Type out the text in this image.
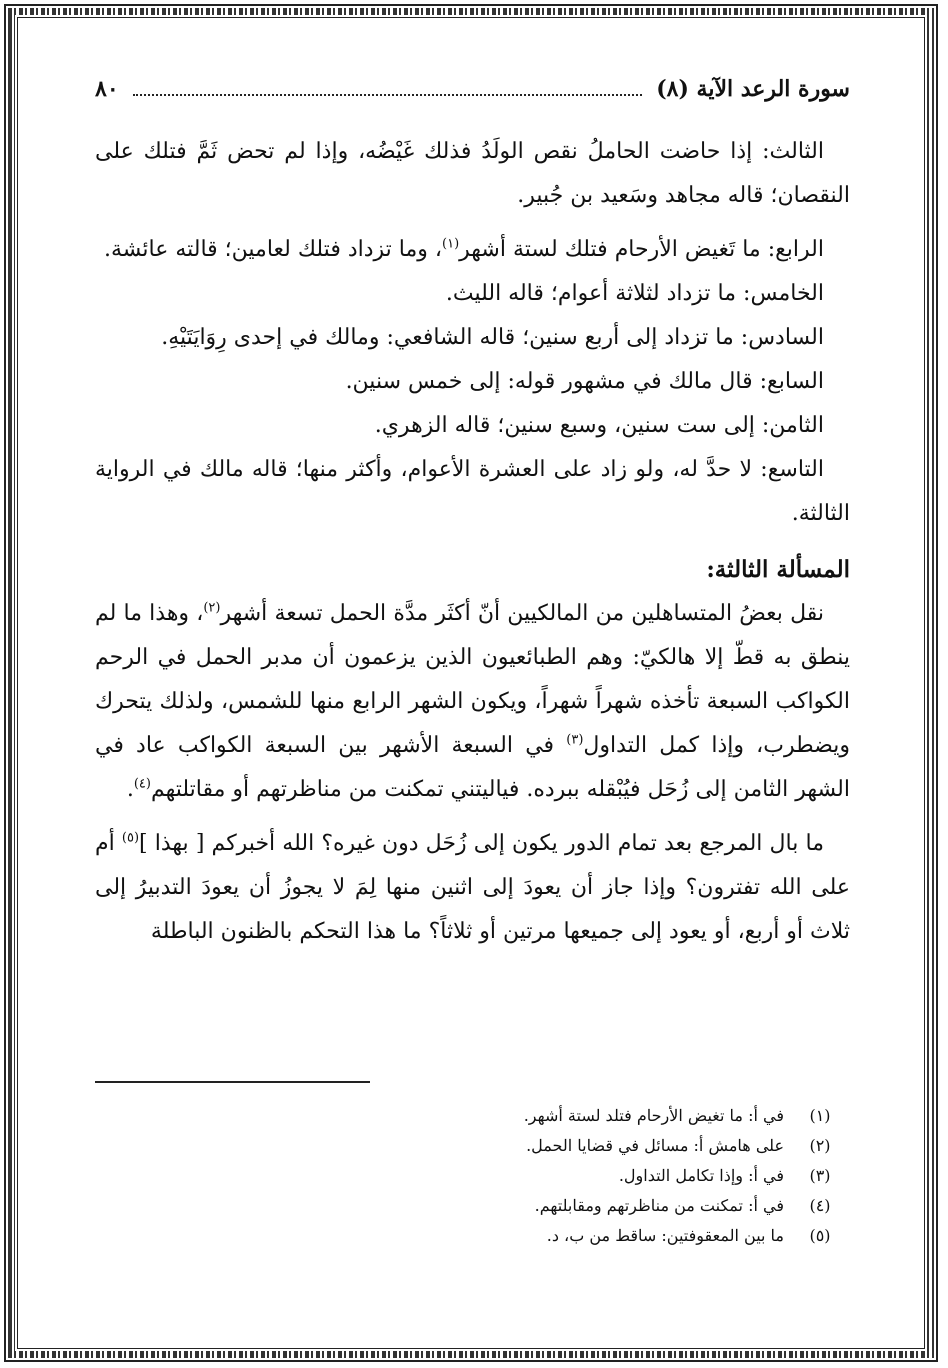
سورة الرعد الآية (٨)
٨٠

الثالث: إذا حاضت الحاملُ نقص الولَدُ فذلك غَيْضُه، وإذا لم تحض ثَمَّ فتلك على النقصان؛ قاله مجاهد وسَعيد بن جُبير.

الرابع: ما تَغيض الأرحام فتلك لستة أشهر$^{(١)}$، وما تزداد فتلك لعامين؛ قالته عائشة.

الخامس: ما تزداد لثلاثة أعوام؛ قاله الليث.

السادس: ما تزداد إلى أربع سنين؛ قاله الشافعي: ومالك في إحدى رِوَايَتَيْهِ.

السابع: قال مالك في مشهور قوله: إلى خمس سنين.

الثامن: إلى ست سنين، وسبع سنين؛ قاله الزهري.

التاسع: لا حدَّ له، ولو زاد على العشرة الأعوام، وأكثر منها؛ قاله مالك في الرواية الثالثة.

المسألة الثالثة:

نقل بعضُ المتساهلين من المالكيين أنّ أكثَر مدَّة الحمل تسعة أشهر$^{(٢)}$، وهذا ما لم ينطق به قطّ إلا هالكيّ: وهم الطبائعيون الذين يزعمون أن مدبر الحمل في الرحم الكواكب السبعة تأخذه شهراً شهراً، ويكون الشهر الرابع منها للشمس، ولذلك يتحرك ويضطرب، وإذا كمل التداول$^{(٣)}$ في السبعة الأشهر بين السبعة الكواكب عاد في الشهر الثامن إلى زُحَل فيُبْقله ببرده. فياليتني تمكنت من مناظرتهم أو مقاتلتهم$^{(٤)}$.

ما بال المرجع بعد تمام الدور يكون إلى زُحَل دون غيره؟ الله أخبركم [ بهذا ]$^{(٥)}$ أم على الله تفترون؟ وإذا جاز أن يعودَ إلى اثنين منها لِمَ لا يجوزُ أن يعودَ التدبيرُ إلى ثلاث أو أربع، أو يعود إلى جميعها مرتين أو ثلاثاً؟ ما هذا التحكم بالظنون الباطلة

(١)
في أ: ما تغيض الأرحام فتلد لستة أشهر.
(٢)
على هامش أ: مسائل في قضايا الحمل.
(٣)
في أ: وإذا تكامل التداول.
(٤)
في أ: تمكنت من مناظرتهم ومقابلتهم.
(٥)
ما بين المعقوفتين: ساقط من ب، د.
